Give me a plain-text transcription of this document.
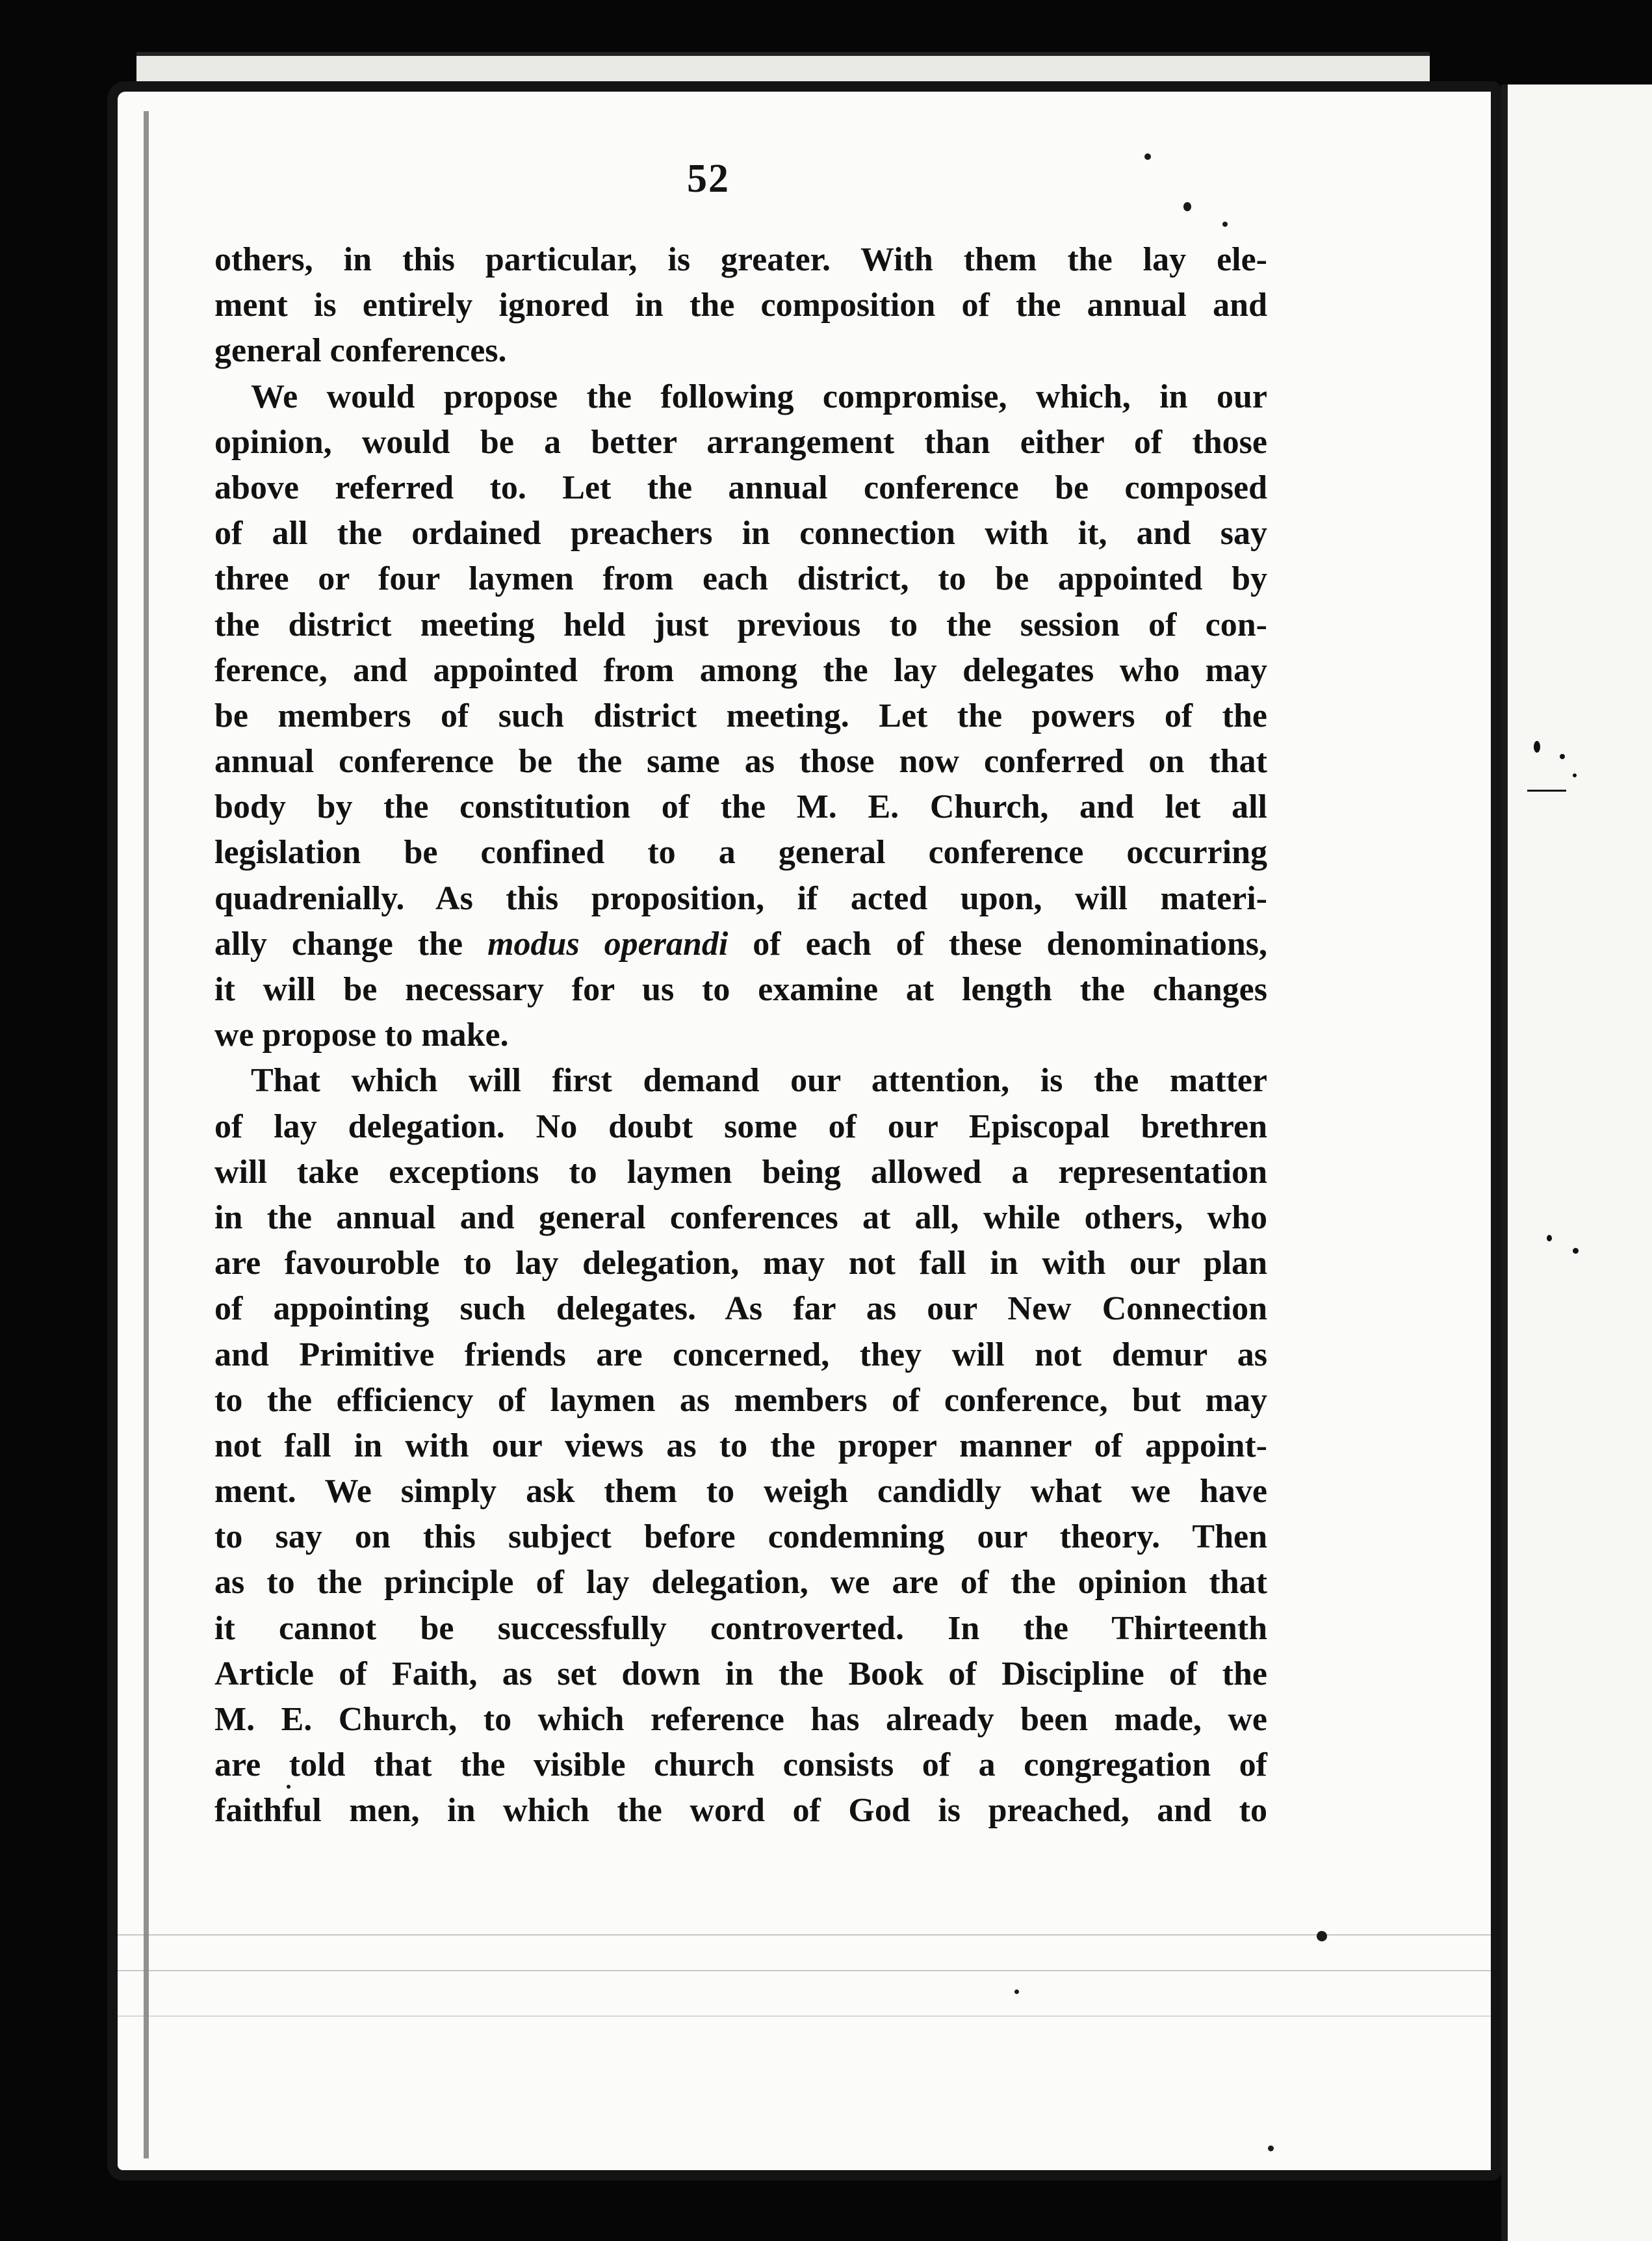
52
others, in this particular, is greater. With them the lay ele-
ment is entirely ignored in the composition of the annual and
general conferences.
We would propose the following compromise, which, in our
opinion, would be a better arrangement than either of those
above referred to. Let the annual conference be composed
of all the ordained preachers in connection with it, and say
three or four laymen from each district, to be appointed by
the district meeting held just previous to the session of con-
ference, and appointed from among the lay delegates who may
be members of such district meeting. Let the powers of the
annual conference be the same as those now conferred on that
body by the constitution of the M. E. Church, and let all
legislation be confined to a general conference occurring
quadrenially. As this proposition, if acted upon, will materi-
ally change the modus operandi of each of these denominations,
it will be necessary for us to examine at length the changes
we propose to make.
That which will first demand our attention, is the matter
of lay delegation. No doubt some of our Episcopal brethren
will take exceptions to laymen being allowed a representation
in the annual and general conferences at all, while others, who
are favouroble to lay delegation, may not fall in with our plan
of appointing such delegates. As far as our New Connection
and Primitive friends are concerned, they will not demur as
to the efficiency of laymen as members of conference, but may
not fall in with our views as to the proper manner of appoint-
ment. We simply ask them to weigh candidly what we have
to say on this subject before condemning our theory. Then
as to the principle of lay delegation, we are of the opinion that
it cannot be successfully controverted. In the Thirteenth
Article of Faith, as set down in the Book of Discipline of the
M. E. Church, to which reference has already been made, we
are told that the visible church consists of a congregation of
faithful men, in which the word of God is preached, and to
